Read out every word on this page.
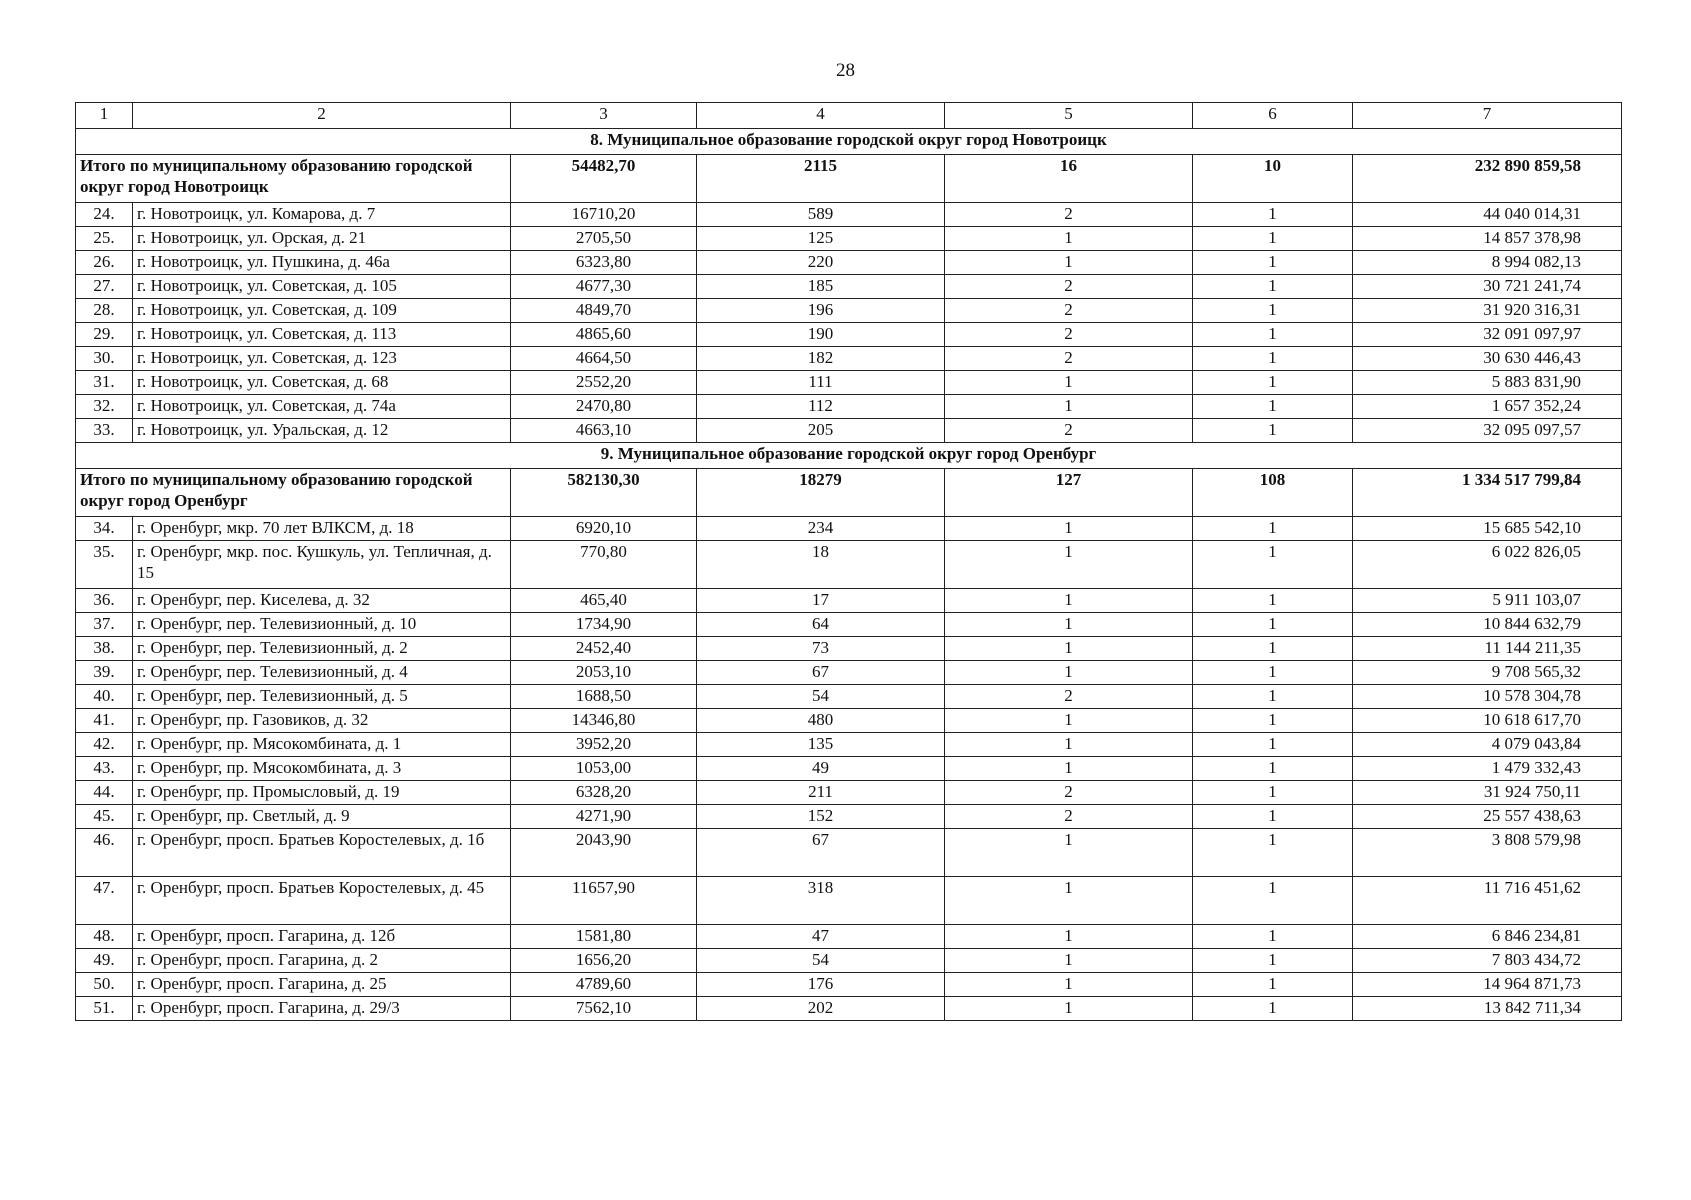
28
1	2	3	4	5	6	7
8. Муниципальное образование городской округ город Новотроицк						
Итого по муниципальному образованию городской округ город Новотроицк		54482,70	2115	16	10	232 890 859,58
24.	г. Новотроицк, ул. Комарова, д. 7	16710,20	589	2	1	44 040 014,31
25.	г. Новотроицк, ул. Орская, д. 21	2705,50	125	1	1	14 857 378,98
26.	г. Новотроицк, ул. Пушкина, д. 46а	6323,80	220	1	1	8 994 082,13
27.	г. Новотроицк, ул. Советская, д. 105	4677,30	185	2	1	30 721 241,74
28.	г. Новотроицк, ул. Советская, д. 109	4849,70	196	2	1	31 920 316,31
29.	г. Новотроицк, ул. Советская, д. 113	4865,60	190	2	1	32 091 097,97
30.	г. Новотроицк, ул. Советская, д. 123	4664,50	182	2	1	30 630 446,43
31.	г. Новотроицк, ул. Советская, д. 68	2552,20	111	1	1	5 883 831,90
32.	г. Новотроицк, ул. Советская, д. 74а	2470,80	112	1	1	1 657 352,24
33.	г. Новотроицк, ул. Уральская, д. 12	4663,10	205	2	1	32 095 097,57
9. Муниципальное образование городской округ город Оренбург						
Итого по муниципальному образованию городской округ город Оренбург		582130,30	18279	127	108	1 334 517 799,84
34.	г. Оренбург, мкр. 70 лет ВЛКСМ, д. 18	6920,10	234	1	1	15 685 542,10
35.	г. Оренбург, мкр. пос. Кушкуль, ул. Тепличная, д. 15	770,80	18	1	1	6 022 826,05
36.	г. Оренбург, пер. Киселева, д. 32	465,40	17	1	1	5 911 103,07
37.	г. Оренбург, пер. Телевизионный, д. 10	1734,90	64	1	1	10 844 632,79
38.	г. Оренбург, пер. Телевизионный, д. 2	2452,40	73	1	1	11 144 211,35
39.	г. Оренбург, пер. Телевизионный, д. 4	2053,10	67	1	1	9 708 565,32
40.	г. Оренбург, пер. Телевизионный, д. 5	1688,50	54	2	1	10 578 304,78
41.	г. Оренбург, пр. Газовиков, д. 32	14346,80	480	1	1	10 618 617,70
42.	г. Оренбург, пр. Мясокомбината, д. 1	3952,20	135	1	1	4 079 043,84
43.	г. Оренбург, пр. Мясокомбината, д. 3	1053,00	49	1	1	1 479 332,43
44.	г. Оренбург, пр. Промысловый, д. 19	6328,20	211	2	1	31 924 750,11
45.	г. Оренбург, пр. Светлый, д. 9	4271,90	152	2	1	25 557 438,63
46.	г. Оренбург, просп. Братьев Коростелевых, д. 1б	2043,90	67	1	1	3 808 579,98
47.	г. Оренбург, просп. Братьев Коростелевых, д. 45	11657,90	318	1	1	11 716 451,62
48.	г. Оренбург, просп. Гагарина, д. 12б	1581,80	47	1	1	6 846 234,81
49.	г. Оренбург, просп. Гагарина, д. 2	1656,20	54	1	1	7 803 434,72
50.	г. Оренбург, просп. Гагарина, д. 25	4789,60	176	1	1	14 964 871,73
51.	г. Оренбург, просп. Гагарина, д. 29/3	7562,10	202	1	1	13 842 711,34
